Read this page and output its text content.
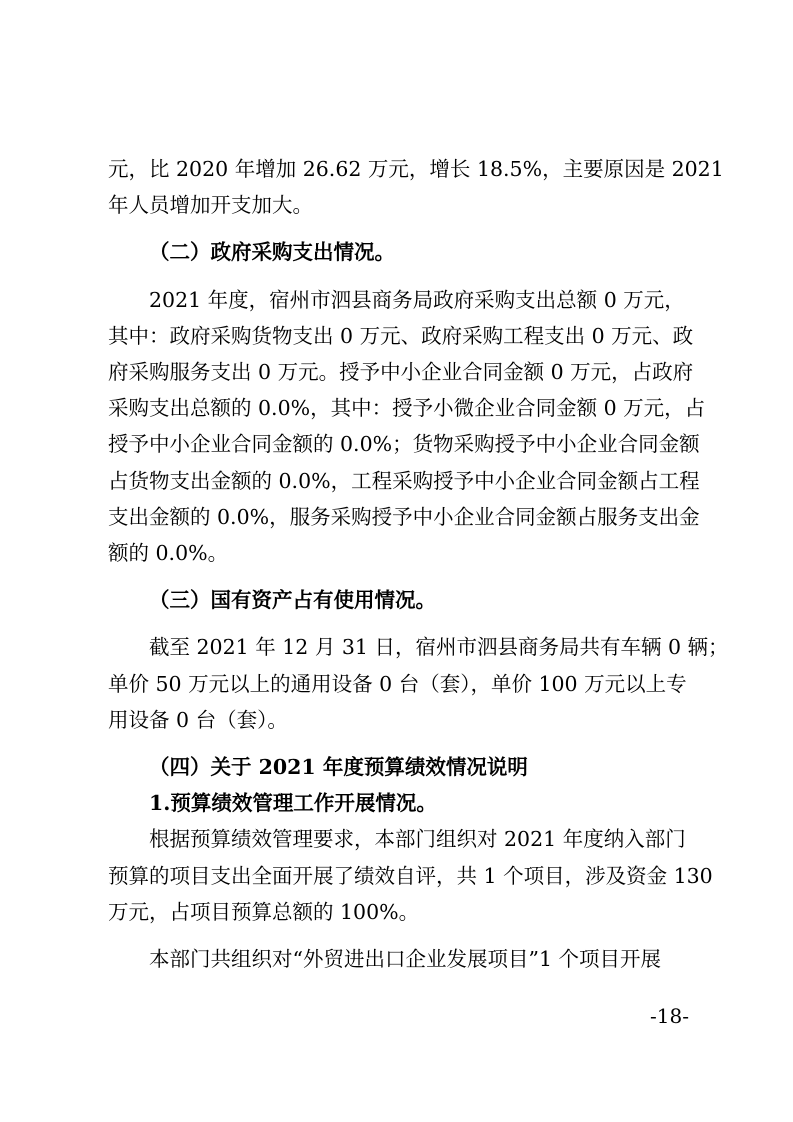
元，比 2020 年增加 26.62 万元，增长 18.5%，主要原因是 2021
年人员增加开支加大。

（二）政府采购支出情况。

2021 年度，宿州市泗县商务局政府采购支出总额 0 万元，
其中：政府采购货物支出 0 万元、政府采购工程支出 0 万元、政
府采购服务支出 0 万元。授予中小企业合同金额 0 万元，占政府
采购支出总额的 0.0%，其中：授予小微企业合同金额 0 万元，占
授予中小企业合同金额的 0.0%；货物采购授予中小企业合同金额
占货物支出金额的 0.0%，工程采购授予中小企业合同金额占工程
支出金额的 0.0%，服务采购授予中小企业合同金额占服务支出金
额的 0.0%。

（三）国有资产占有使用情况。

截至 2021 年 12 月 31 日，宿州市泗县商务局共有车辆 0 辆；
单价 50 万元以上的通用设备 0 台（套），单价 100 万元以上专
用设备 0 台（套）。

（四）关于 2021 年度预算绩效情况说明

1.预算绩效管理工作开展情况。

根据预算绩效管理要求，本部门组织对 2021 年度纳入部门
预算的项目支出全面开展了绩效自评，共 1 个项目，涉及资金 130
万元，占项目预算总额的 100%。

本部门共组织对“外贸进出口企业发展项目”1 个项目开展

-18-
